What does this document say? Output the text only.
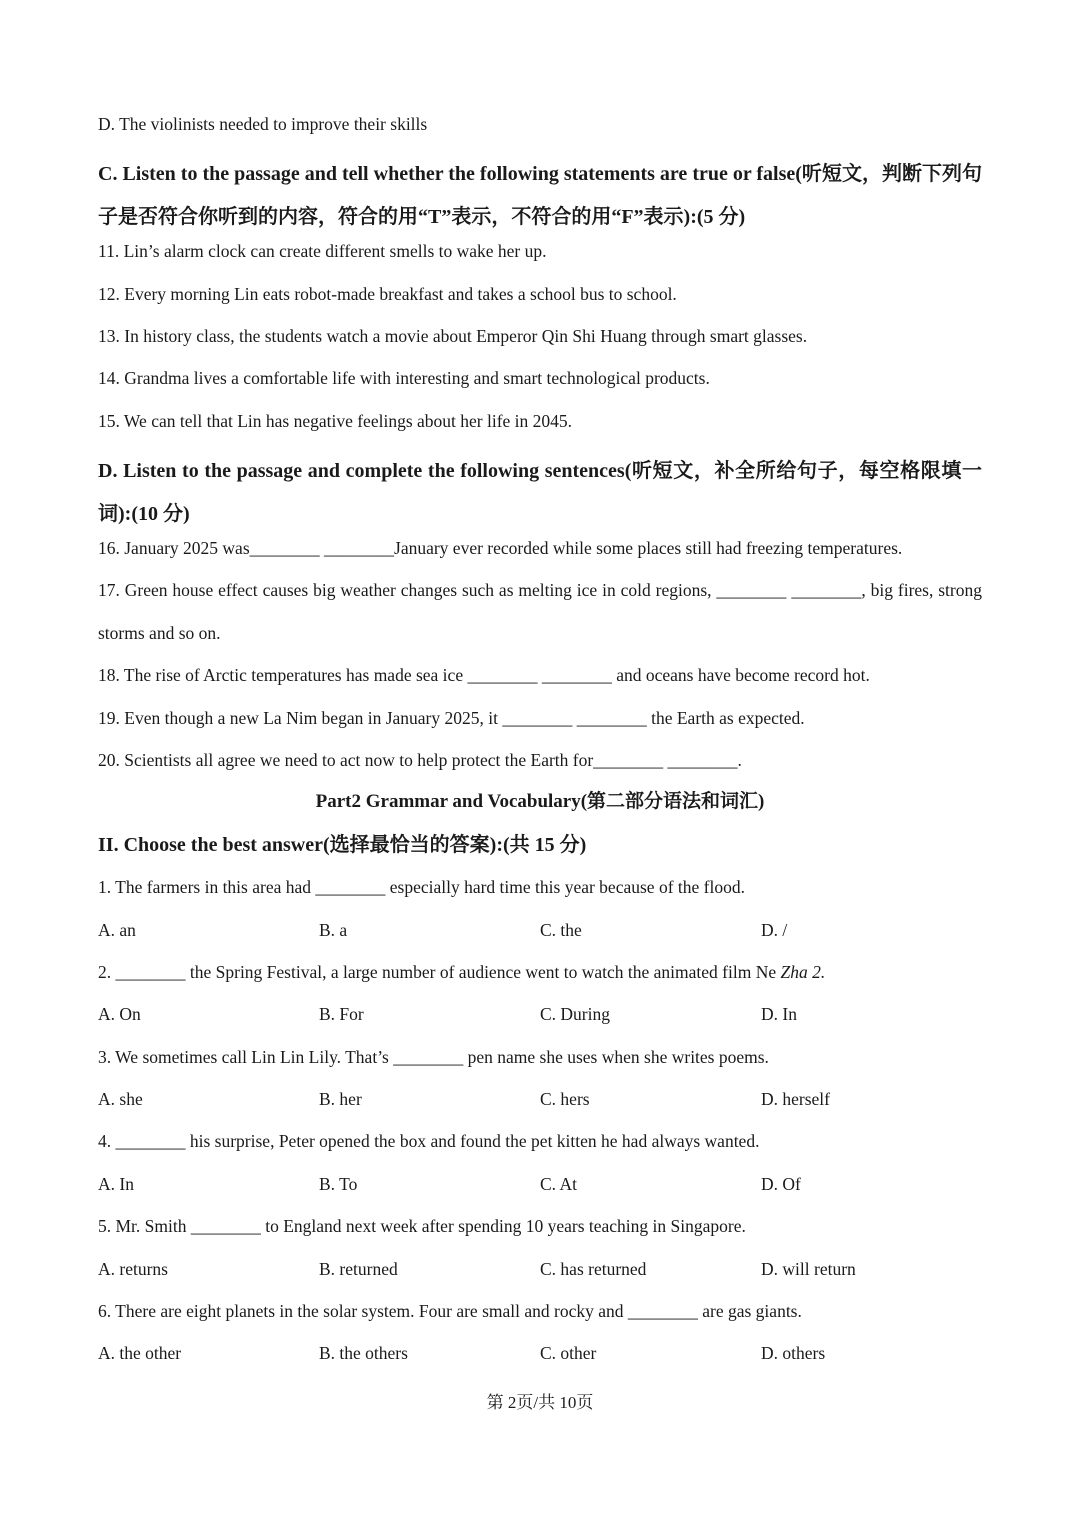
D. The violinists needed to improve their skills
C. Listen to the passage and tell whether the following statements are true or false(听短文，判断下列句子是否符合你听到的内容，符合的用“T”表示，不符合的用“F”表示):(5 分)
11. Lin’s alarm clock can create different smells to wake her up.
12. Every morning Lin eats robot-made breakfast and takes a school bus to school.
13. In history class, the students watch a movie about Emperor Qin Shi Huang through smart glasses.
14. Grandma lives a comfortable life with interesting and smart technological products.
15. We can tell that Lin has negative feelings about her life in 2045.
D. Listen to the passage and complete the following sentences(听短文，补全所给句子，每空格限填一词):(10 分)
16. January 2025 was________ ________January ever recorded while some places still had freezing temperatures.
17. Green house effect causes big weather changes such as melting ice in cold regions, ________ ________, big fires, strong storms and so on.
18. The rise of Arctic temperatures has made sea ice ________ ________ and oceans have become record hot.
19. Even though a new La Nim began in January 2025, it ________ ________ the Earth as expected.
20. Scientists all agree we need to act now to help protect the Earth for________ ________.
Part2 Grammar and Vocabulary(第二部分语法和词汇)
II. Choose the best answer(选择最恰当的答案):(共 15 分)
1. The farmers in this area had ________ especially hard time this year because of the flood.
A. an	B. a	C. the	D. /
2. ________ the Spring Festival, a large number of audience went to watch the animated film Ne Zha 2.
A. On	B. For	C. During	D. In
3. We sometimes call Lin Lin Lily. That’s ________ pen name she uses when she writes poems.
A. she	B. her	C. hers	D. herself
4. ________ his surprise, Peter opened the box and found the pet kitten he had always wanted.
A. In	B. To	C. At	D. Of
5. Mr. Smith ________ to England next week after spending 10 years teaching in Singapore.
A. returns	B. returned	C. has returned	D. will return
6. There are eight planets in the solar system. Four are small and rocky and ________ are gas giants.
A. the other	B. the others	C. other	D. others
第 2页/共 10页
